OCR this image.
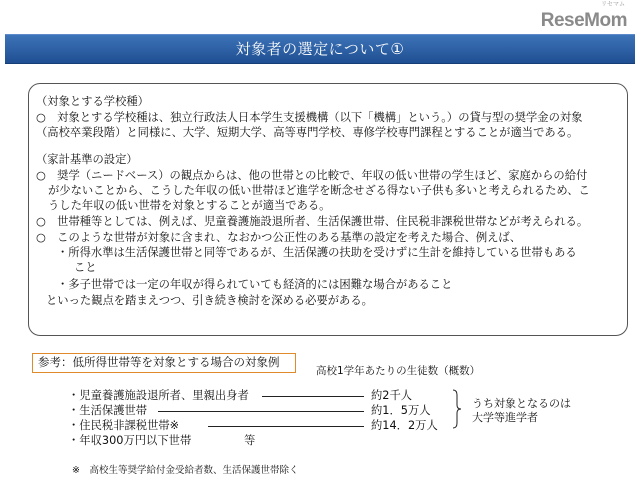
ReseMom
リセマム
対象者の選定について①
（対象とする学校種）
○　対象とする学校種は、独立行政法人日本学生支援機構（以下「機構」という。）の貸与型の奨学金の対象
（高校卒業段階）と同様に、大学、短期大学、高等専門学校、専修学校専門課程とすることが適当である。
（家計基準の設定）
○　奨学（ニードベース）の観点からは、他の世帯との比較で、年収の低い世帯の学生ほど、家庭からの給付
が少ないことから、こうした年収の低い世帯ほど進学を断念せざる得ない子供も多いと考えられるため、こ
うした年収の低い世帯を対象とすることが適当である。
○　世帯種等としては、例えば、児童養護施設退所者、生活保護世帯、住民税非課税世帯などが考えられる。
○　このような世帯が対象に含まれ、なおかつ公正性のある基準の設定を考えた場合、例えば、
・所得水準は生活保護世帯と同等であるが、生活保護の扶助を受けずに生計を維持している世帯もある
こと
・多子世帯では一定の年収が得られていても経済的には困難な場合があること
といった観点を踏まえつつ、引き続き検討を深める必要がある。
参考：低所得世帯等を対象とする場合の対象例
高校1学年あたりの生徒数（概数）
・児童養護施設退所者、里親出身者
・生活保護世帯
・住民税非課税世帯※
・年収300万円以下世帯
約2千人
約1．5万人
約14．2万人
等
うち対象となるのは
大学等進学者
※　高校生等奨学給付金受給者数、生活保護世帯除く
